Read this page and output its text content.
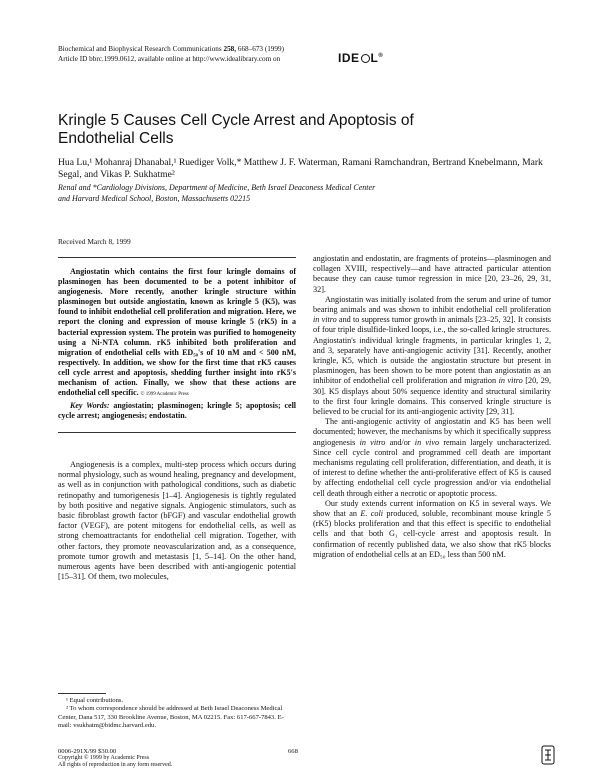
Biochemical and Biophysical Research Communications 258, 668–673 (1999)
Article ID bbrc.1999.0612, available online at http://www.idealibrary.com on	IDE L®
Kringle 5 Causes Cell Cycle Arrest and Apoptosis of Endothelial Cells
Hua Lu,¹ Mohanraj Dhanabal,¹ Ruediger Volk,* Matthew J. F. Waterman, Ramani Ramchandran, Bertrand Knebelmann, Mark Segal, and Vikas P. Sukhatme²
Renal and *Cardiology Divisions, Department of Medicine, Beth Israel Deaconess Medical Center
and Harvard Medical School, Boston, Massachusetts 02215
Received March 8, 1999

Angiostatin which contains the first four kringle domains of plasminogen has been documented to be a potent inhibitor of angiogenesis. More recently, another kringle structure within plasminogen but outside angiostatin, known as kringle 5 (K5), was found to inhibit endothelial cell proliferation and migration. Here, we report the cloning and expression of mouse kringle 5 (rK5) in a bacterial expression system. The protein was purified to homogeneity using a Ni-NTA column. rK5 inhibited both proliferation and migration of endothelial cells with ED₅₀'s of 10 nM and < 500 nM, respectively. In addition, we show for the first time that rK5 causes cell cycle arrest and apoptosis, shedding further insight into rK5's mechanism of action. Finally, we show that these actions are endothelial cell specific. © 1999 Academic Press

Key Words: angiostatin; plasminogen; kringle 5; apoptosis; cell cycle arrest; angiogenesis; endostatin.

Angiogenesis is a complex, multi-step process which occurs during normal physiology, such as wound healing, pregnancy and development, as well as in conjunction with pathological conditions, such as diabetic retinopathy and tumorigenesis [1–4]. Angiogenesis is tightly regulated by both positive and negative signals. Angiogenic stimulators, such as basic fibroblast growth factor (bFGF) and vascular endothelial growth factor (VEGF), are potent mitogens for endothelial cells, as well as strong chemoattractants for endothelial cell migration. Together, with other factors, they promote neovascularization and, as a consequence, promote tumor growth and metastasis [1, 5–14]. On the other hand, numerous agents have been described with anti-angiogenic potential [15–31]. Of them, two molecules,

angiostatin and endostatin, are fragments of proteins—plasminogen and collagen XVIII, respectively—and have attracted particular attention because they can cause tumor regression in mice [20, 23–26, 29, 31, 32].

Angiostatin was initially isolated from the serum and urine of tumor bearing animals and was shown to inhibit endothelial cell proliferation in vitro and to suppress tumor growth in animals [23–25, 32]. It consists of four triple disulfide-linked loops, i.e., the so-called kringle structures. Angiostatin's individual kringle fragments, in particular kringles 1, 2, and 3, separately have anti-angiogenic activity [31]. Recently, another kringle, K5, which is outside the angiostatin structure but present in plasminogen, has been shown to be more potent than angiostatin as an inhibitor of endothelial cell proliferation and migration in vitro [20, 29, 30]. K5 displays about 50% sequence identity and structural similarity to the first four kringle domains. This conserved kringle structure is believed to be crucial for its anti-angiogenic activity [29, 31].

The anti-angiogenic activity of angiostatin and K5 has been well documented; however, the mechanisms by which it specifically suppress angiogenesis in vitro and/or in vivo remain largely uncharacterized. Since cell cycle control and programmed cell death are important mechanisms regulating cell proliferation, differentiation, and death, it is of interest to define whether the anti-proliferative effect of K5 is caused by affecting endothelial cell cycle progression and/or via endothelial cell death through either a necrotic or apoptotic process.

Our study extends current information on K5 in several ways. We show that an E. coli produced, soluble, recombinant mouse kringle 5 (rK5) blocks proliferation and that this effect is specific to endothelial cells and that both G₁ cell-cycle arrest and apoptosis result. In confirmation of recently published data, we also show that rK5 blocks migration of endothelial cells at an ED₅₀ less than 500 nM.

¹ Equal contributions.

² To whom correspondence should be addressed at Beth Israel Deaconess Medical Center, Dana 517, 330 Brookline Avenue, Boston, MA 02215. Fax: 617-667-7843. E-mail: vsukhatm@bidmc.harvard.edu.

0006-291X/99 $30.00
Copyright © 1999 by Academic Press
All rights of reproduction in any form reserved.
668
